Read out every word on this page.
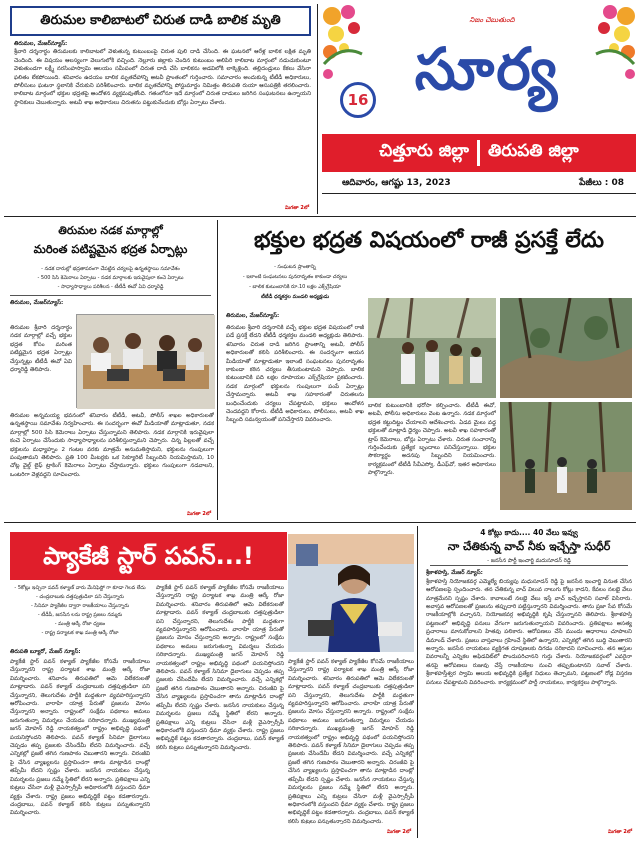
తిరుమల కాలిబాటలో చిరుత దాడి బాలిక మృతి
తిరుమల, మేజర్‌న్యూస్:
శ్రీవారి దర్శనార్థం తిరుమలకు కాలిబాటలో వెళుతున్న కుటుంబంపై చిరుత పులి దాడి చేసింది. ఈ ఘటనలో ఆరేళ్ల బాలిక లక్షిత మృతి చెందింది. ఈ విషయం ఆలస్యంగా వెలుగులోకి వచ్చింది. నెల్లూరు జిల్లాకు చెందిన కుటుంబం అలిపిరి కాలిబాట మార్గంలో నడుచుకుంటూ వెళుతుండగా లక్ష్మీ నరసింహస్వామి ఆలయం సమీపంలో చిరుత దాడి చేసి బాలికను అడవిలోకి లాక్కెళ్లింది. తల్లిదండ్రులు కేకలు వేసినా ఫలితం లేకపోయింది. శనివారం ఉదయం బాలిక మృతదేహాన్ని అటవీ ప్రాంతంలో గుర్తించారు. సమాచారం అందుకున్న టీటీడీ అధికారులు, పోలీసులు ఘటనా స్థలానికి చేరుకుని పరిశీలించారు. బాలిక మృతదేహాన్ని పోస్టుమార్టం నిమిత్తం తిరుపతి రుయా ఆసుపత్రికి తరలించారు. కాలిబాట మార్గంలో భక్తుల భద్రతపై ఆందోళన వ్యక్తమవుతోంది. గతంలోనూ ఇదే మార్గంలో చిరుత దాడులు జరిగిన సంఘటనలు ఉన్నాయని స్థానికులు చెబుతున్నారు. అటవీ శాఖ అధికారులు చిరుతను పట్టుకునేందుకు బోన్లు ఏర్పాటు చేశారు.
మిగతా 2లో
16
నిజం చెబుతుంది
సూర్య
చిత్తూరు జిల్లా తిరుపతి జిల్లా
ఆదివారం, ఆగష్టు 13, 2023	పేజీలు : 08
తిరుమల నడక మార్గాల్లో
మరింత పటిష్టమైన భద్రత ఏర్పాట్లు
- నడక దారుల్లో భద్రతాపరంగా చేపట్టిన చర్యలపై ఉన్నతస్థాయి సమావేశం
- 500 సిసి కెమెరాలు ఏర్పాటు - నడక మార్గాలకు ఇరువైపులా కంచె ఏర్పాటు
- సాధ్యాసాధ్యాలు పరిశీలన - టీటీడీ ఈవో ఏవి ధర్మారెడ్డి
తిరుమల, మేజర్‌న్యూస్:
తిరుమల శ్రీవారి దర్శనార్థం నడక మార్గాల్లో వచ్చే భక్తుల భద్రత కోసం మరింత పటిష్టమైన భద్రత ఏర్పాట్లు చేస్తున్నట్లు టీటీడీ ఈవో ఏవి ధర్మారెడ్డి తెలిపారు.
తిరుమల అన్నమయ్య భవనంలో శనివారం టీటీడీ, అటవీ, పోలీస్ శాఖల అధికారులతో ఉన్నతస్థాయి సమావేశం నిర్వహించారు. ఈ సందర్భంగా ఈవో మీడియాతో మాట్లాడుతూ, నడక మార్గాల్లో 500 సిసి కెమెరాలు ఏర్పాటు చేస్తున్నామని తెలిపారు. నడక మార్గానికి ఇరువైపులా కంచె ఏర్పాటు చేసేందుకు సాధ్యాసాధ్యాలను పరిశీలిస్తున్నామని చెప్పారు. చిన్న పిల్లలతో వచ్చే భక్తులను మధ్యాహ్నం 2 గంటల వరకు మాత్రమే అనుమతిస్తామని, భక్తులను గుంపులుగా పంపుతామని తెలిపారు. ప్రతి 100 మీటర్లకు ఒక సెక్యూరిటీ సిబ్బందిని నియమిస్తామని, 10 చోట్ల వైల్డ్ లైఫ్ ట్రాకింగ్ కెమెరాలు ఏర్పాటు చేస్తామన్నారు. భక్తులు గుంపులుగా నడవాలని, ఒంటరిగా వెళ్లవద్దని సూచించారు.
మిగతా 2లో
భక్తుల భద్రత విషయంలో రాజీ ప్రసక్తే లేదు
- సంఘటన ప్రాంతాన్ని
- ఇలాంటి సంఘటనలు పునరావృతం కాకుండా చర్యలు
- బాలిక కుటుంబానికి రూ.10 లక్షల ఎక్స్‌గ్రేషియా
టీటీడీ ధర్మకర్తల మండలి అధ్యక్షుడు
తిరుమల, మేజర్‌న్యూస్:
తిరుమల శ్రీవారి దర్శనానికి వచ్చే భక్తుల భద్రత విషయంలో రాజీ పడే ప్రసక్తే లేదని టీటీడీ ధర్మకర్తల మండలి అధ్యక్షుడు తెలిపారు. శనివారం చిరుత దాడి జరిగిన ప్రాంతాన్ని అటవీ, పోలీస్ అధికారులతో కలిసి పరిశీలించారు. ఈ సందర్భంగా ఆయన మీడియాతో మాట్లాడుతూ ఇలాంటి సంఘటనలు పునరావృతం కాకుండా కఠిన చర్యలు తీసుకుంటామని చెప్పారు. బాలిక కుటుంబానికి పది లక్షల రూపాయల ఎక్స్‌గ్రేషియా ప్రకటించారు. నడక మార్గంలో భక్తులను గుంపులుగా పంపే ఏర్పాట్లు చేస్తామన్నారు. అటవీ శాఖ సహకారంతో చిరుతలను బంధించేందుకు చర్యలు చేపట్టామని, భక్తులు ఆందోళన చెందవద్దని కోరారు. టీటీడీ అధికారులు, పోలీసులు, అటవీ శాఖ సిబ్బంది సమన్వయంతో పనిచేస్తారని వివరించారు.
బాలిక కుటుంబానికి భరోసా కల్పించారు. టీటీడీ ఈవో, అటవీ, పోలీసు అధికారులు వెంట ఉన్నారు. నడక మార్గంలో భద్రత కట్టుదిట్టం చేయాలని ఆదేశించారు. ఏడవ మైలు వద్ద భక్తులతో మాట్లాడి ధైర్యం చెప్పారు. అటవీ శాఖ సహకారంతో ట్రాప్ కెమెరాలు, బోన్లు ఏర్పాటు చేశారు. చిరుత సంచారాన్ని గుర్తించేందుకు ప్రత్యేక బృందాలు పనిచేస్తున్నాయి. భక్తుల సౌకర్యార్థం అదనపు సిబ్బందిని నియమించారు. కార్యక్రమంలో టీటీడీ సీవీఎస్వో, డీఎఫ్‌వో, ఇతర అధికారులు పాల్గొన్నారు.
ప్యాకేజీ స్టార్ పవన్...!
- 5కోట్లు ఇచ్చినా పవన్ కళ్యాణ్ వారు మేనిఫెస్టో గా కూడా గెలవ లేదు
- చంద్రబాబుకు దత్తపుత్రుడిలా పని చేస్తున్నారు
- సినిమా ప్యాకేజీల ద్వారా రాజకీయాలు చేస్తున్నారు
- టీడీపీ, జనసేన లను రాష్ట్ర ప్రజలు నమ్మరు
- మంత్రి ఆర్కే రోజా ధ్వజం
- రాష్ట్ర పర్యాటక శాఖ మంత్రి ఆర్కే రోజా
తిరుపతి బ్యూరో, మేజర్ న్యూస్:
ప్యాకేజీ స్టార్ పవన్ కళ్యాణ్ ప్యాకేజీల కోసమే రాజకీయాలు చేస్తున్నారని రాష్ట్ర పర్యాటక శాఖ మంత్రి ఆర్కే రోజా విమర్శించారు. శనివారం తిరుపతిలో ఆమె విలేకరులతో మాట్లాడారు. పవన్ కళ్యాణ్ చంద్రబాబుకు దత్తపుత్రుడిలా పని చేస్తున్నారని, తెలుగుదేశం పార్టీకి మద్దతుగా వ్యవహరిస్తున్నారని ఆరోపించారు. వారాహి యాత్ర పేరుతో ప్రజలను మోసం చేస్తున్నారని అన్నారు. రాష్ట్రంలో సంక్షేమ పథకాలు అమలు జరుగుతున్నా విమర్శలు చేయడం సరికాదన్నారు. ముఖ్యమంత్రి జగన్ మోహన్ రెడ్డి నాయకత్వంలో రాష్ట్రం అభివృద్ధి పథంలో పయనిస్తోందని తెలిపారు. పవన్ కళ్యాణ్ సినిమా డైలాగులు చెప్పడం తప్ప ప్రజలకు చేసిందేమీ లేదని విమర్శించారు. వచ్చే ఎన్నికల్లో ప్రజలే తగిన గుణపాఠం చెబుతారని అన్నారు. చిరంజీవి పై చేసిన వ్యాఖ్యలను ప్రస్తావించగా తాను మాట్లాడిన దాంట్లో తప్పేమీ లేదని స్పష్టం చేశారు. జనసేన నాయకులు చేస్తున్న విమర్శలను ప్రజలు నమ్మే స్థితిలో లేరని అన్నారు. ప్రతిపక్షాలు ఎన్ని కుట్రలు చేసినా మళ్లీ వైఎస్సార్సీపీ అధికారంలోకి వస్తుందని ధీమా వ్యక్తం చేశారు. రాష్ట్ర ప్రజలు అభివృద్ధికే పట్టం కడతారన్నారు. చంద్రబాబు, పవన్ కళ్యాణ్ కలిసి కుట్రలు పన్నుతున్నారని విమర్శించారు.
ప్యాకేజీ స్టార్ పవన్ కళ్యాణ్ ప్యాకేజీల కోసమే రాజకీయాలు చేస్తున్నారని రాష్ట్ర పర్యాటక శాఖ మంత్రి ఆర్కే రోజా విమర్శించారు. శనివారం తిరుపతిలో ఆమె విలేకరులతో మాట్లాడారు. పవన్ కళ్యాణ్ చంద్రబాబుకు దత్తపుత్రుడిలా పని చేస్తున్నారని, తెలుగుదేశం పార్టీకి మద్దతుగా వ్యవహరిస్తున్నారని ఆరోపించారు. వారాహి యాత్ర పేరుతో ప్రజలను మోసం చేస్తున్నారని అన్నారు. రాష్ట్రంలో సంక్షేమ పథకాలు అమలు జరుగుతున్నా విమర్శలు చేయడం సరికాదన్నారు. ముఖ్యమంత్రి జగన్ మోహన్ రెడ్డి నాయకత్వంలో రాష్ట్రం అభివృద్ధి పథంలో పయనిస్తోందని తెలిపారు. పవన్ కళ్యాణ్ సినిమా డైలాగులు చెప్పడం తప్ప ప్రజలకు చేసిందేమీ లేదని విమర్శించారు. వచ్చే ఎన్నికల్లో ప్రజలే తగిన గుణపాఠం చెబుతారని అన్నారు. చిరంజీవి పై చేసిన వ్యాఖ్యలను ప్రస్తావించగా తాను మాట్లాడిన దాంట్లో తప్పేమీ లేదని స్పష్టం చేశారు. జనసేన నాయకులు చేస్తున్న విమర్శలను ప్రజలు నమ్మే స్థితిలో లేరని అన్నారు. ప్రతిపక్షాలు ఎన్ని కుట్రలు చేసినా మళ్లీ వైఎస్సార్సీపీ అధికారంలోకి వస్తుందని ధీమా వ్యక్తం చేశారు. రాష్ట్ర ప్రజలు అభివృద్ధికే పట్టం కడతారన్నారు. చంద్రబాబు, పవన్ కళ్యాణ్ కలిసి కుట్రలు పన్నుతున్నారని విమర్శించారు.
ప్యాకేజీ స్టార్ పవన్ కళ్యాణ్ ప్యాకేజీల కోసమే రాజకీయాలు చేస్తున్నారని రాష్ట్ర పర్యాటక శాఖ మంత్రి ఆర్కే రోజా విమర్శించారు. శనివారం తిరుపతిలో ఆమె విలేకరులతో మాట్లాడారు. పవన్ కళ్యాణ్ చంద్రబాబుకు దత్తపుత్రుడిలా పని చేస్తున్నారని, తెలుగుదేశం పార్టీకి మద్దతుగా వ్యవహరిస్తున్నారని ఆరోపించారు. వారాహి యాత్ర పేరుతో ప్రజలను మోసం చేస్తున్నారని అన్నారు. రాష్ట్రంలో సంక్షేమ పథకాలు అమలు జరుగుతున్నా విమర్శలు చేయడం సరికాదన్నారు. ముఖ్యమంత్రి జగన్ మోహన్ రెడ్డి నాయకత్వంలో రాష్ట్రం అభివృద్ధి పథంలో పయనిస్తోందని తెలిపారు. పవన్ కళ్యాణ్ సినిమా డైలాగులు చెప్పడం తప్ప ప్రజలకు చేసిందేమీ లేదని విమర్శించారు. వచ్చే ఎన్నికల్లో ప్రజలే తగిన గుణపాఠం చెబుతారని అన్నారు. చిరంజీవి పై చేసిన వ్యాఖ్యలను ప్రస్తావించగా తాను మాట్లాడిన దాంట్లో తప్పేమీ లేదని స్పష్టం చేశారు. జనసేన నాయకులు చేస్తున్న విమర్శలను ప్రజలు నమ్మే స్థితిలో లేరని అన్నారు. ప్రతిపక్షాలు ఎన్ని కుట్రలు చేసినా మళ్లీ వైఎస్సార్సీపీ అధికారంలోకి వస్తుందని ధీమా వ్యక్తం చేశారు. రాష్ట్ర ప్రజలు అభివృద్ధికే పట్టం కడతారన్నారు. చంద్రబాబు, పవన్ కళ్యాణ్ కలిసి కుట్రలు పన్నుతున్నారని విమర్శించారు.
మిగతా 2లో
4 కోట్లు కాదు.... 40 వేలు ఇవ్వు
నా చేతికున్న వాచ్ నీకు ఇచ్చేస్తా సుధీర్
- జనసేన పార్టీ ఇంచార్జి మదుసూదన్ రెడ్డి
శ్రీకాళహస్తి, మేజర్ న్యూస్:
శ్రీకాళహస్తి నియోజకవర్గ ఎమ్మెల్యే బియ్యపు మధుసూదన్ రెడ్డి పై జనసేన ఇంచార్జి వినుత చేసిన ఆరోపణలపై స్పందించారు. తన చేతికున్న వాచ్ విలువ నాలుగు కోట్లు కాదని, కేవలం నలభై వేలు మాత్రమేనని స్పష్టం చేశారు. కావాలంటే నలభై వేలు ఇస్తే వాచ్ ఇచ్చేస్తానని సవాల్ విసిరారు. అవాస్తవ ఆరోపణలతో ప్రజలను తప్పుదారి పట్టిస్తున్నారని విమర్శించారు. తాను ప్రజా సేవ కోసమే రాజకీయాల్లోకి వచ్చానని, నియోజకవర్గ అభివృద్ధికి కృషి చేస్తున్నానని తెలిపారు. శ్రీకాళహస్తి పట్టణంలో అభివృద్ధి పనులు వేగంగా జరుగుతున్నాయని వివరించారు. ప్రతిపక్షాలు అసత్య ప్రచారాలు మానుకోవాలని హితవు పలికారు. ఆరోపణలు చేసే ముందు ఆధారాలు చూపాలని డిమాండ్ చేశారు. ప్రజలు వాస్తవాలు గ్రహించే స్థితిలో ఉన్నారని, ఎన్నికల్లో తగిన బుద్ధి చెబుతారని అన్నారు. జనసేన నాయకులు వ్యక్తిగత దూషణలకు దిగడం సరికాదని సూచించారు. తన ఆస్తుల వివరాలన్నీ ఎన్నికల అఫిడవిట్‌లో పొందుపరిచానని గుర్తు చేశారు. నియోజకవర్గంలో ఎవరైనా తనపై ఆరోపణలు రుజువు చేస్తే రాజకీయాల నుంచి తప్పుకుంటానని సవాల్ చేశారు. శ్రీకాళహస్తీశ్వర స్వామి ఆలయ అభివృద్ధికి ప్రత్యేక నిధులు తెచ్చామని, పట్టణంలో రోడ్ల విస్తరణ పనులు చేపట్టామని వివరించారు. కార్యక్రమంలో పార్టీ నాయకులు, కార్యకర్తలు పాల్గొన్నారు.
మిగతా 2లో
